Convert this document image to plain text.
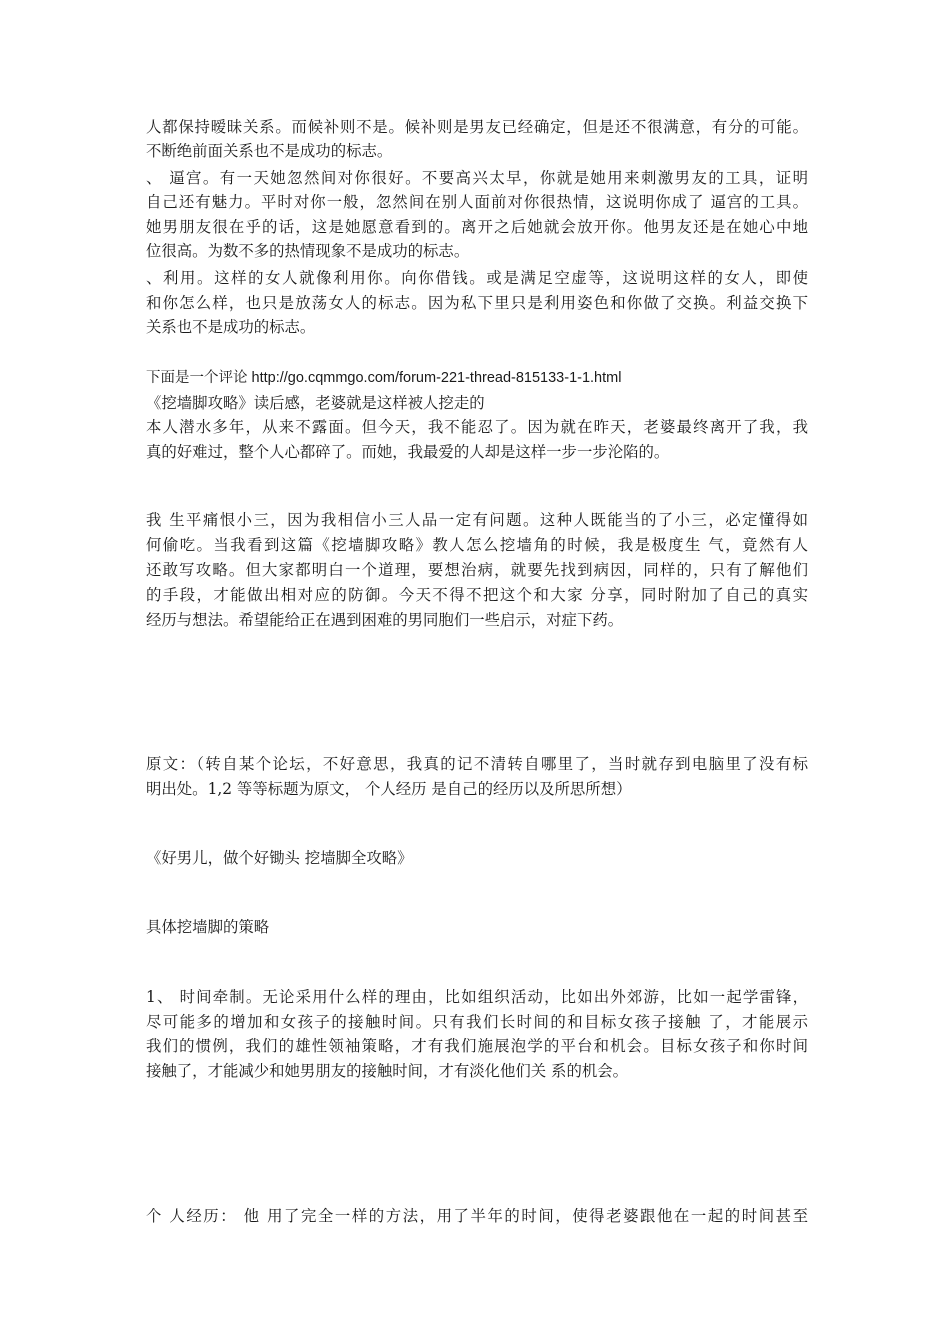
人都保持暧昧关系。而候补则不是。候补则是男友已经确定，但是还不很满意，有分的可能。
不断绝前面关系也不是成功的标志。
、 逼宫。有一天她忽然间对你很好。不要高兴太早，你就是她用来刺激男友的工具，证明
自己还有魅力。平时对你一般，忽然间在别人面前对你很热情，这说明你成了 逼宫的工具。
她男朋友很在乎的话，这是她愿意看到的。离开之后她就会放开你。他男友还是在她心中地
位很高。为数不多的热情现象不是成功的标志。
、利用。这样的女人就像利用你。向你借钱。或是满足空虚等，这说明这样的女人，即使
和你怎么样，也只是放荡女人的标志。因为私下里只是利用姿色和你做了交换。利益交换下
关系也不是成功的标志。
下面是一个评论 http://go.cqmmgo.com/forum-221-thread-815133-1-1.html
《挖墙脚攻略》读后感，老婆就是这样被人挖走的
本人潜水多年，从来不露面。但今天，我不能忍了。因为就在昨天，老婆最终离开了我，我
真的好难过，整个人心都碎了。而她，我最爱的人却是这样一步一步沦陷的。
我 生平痛恨小三，因为我相信小三人品一定有问题。这种人既能当的了小三，必定懂得如
何偷吃。当我看到这篇《挖墙脚攻略》教人怎么挖墙角的时候，我是极度生 气，竟然有人
还敢写攻略。但大家都明白一个道理，要想治病，就要先找到病因，同样的，只有了解他们
的手段，才能做出相对应的防御。今天不得不把这个和大家 分享，同时附加了自己的真实
经历与想法。希望能给正在遇到困难的男同胞们一些启示，对症下药。
原文：（转自某个论坛，不好意思，我真的记不清转自哪里了，当时就存到电脑里了没有标
明出处。1,2 等等标题为原文， 个人经历 是自己的经历以及所思所想）
《好男儿，做个好锄头 挖墙脚全攻略》
具体挖墙脚的策略
1、 时间牵制。无论采用什么样的理由，比如组织活动，比如出外郊游，比如一起学雷锋，
尽可能多的增加和女孩子的接触时间。只有我们长时间的和目标女孩子接触 了，才能展示
我们的惯例，我们的雄性领袖策略，才有我们施展泡学的平台和机会。目标女孩子和你时间
接触了，才能减少和她男朋友的接触时间，才有淡化他们关 系的机会。
个 人经历： 他 用了完全一样的方法，用了半年的时间，使得老婆跟他在一起的时间甚至
